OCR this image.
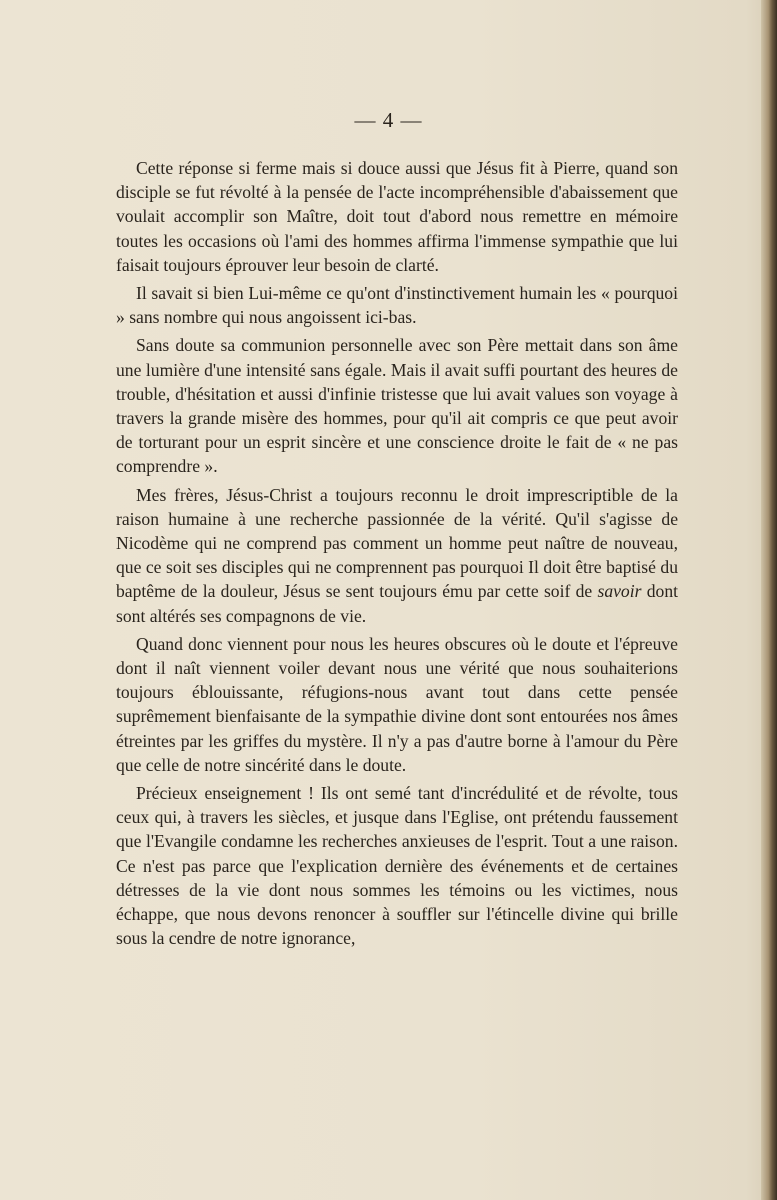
— 4 —

Cette réponse si ferme mais si douce aussi que Jésus fit à Pierre, quand son disciple se fut révolté à la pensée de l'acte incompréhensible d'abaissement que voulait accomplir son Maître, doit tout d'abord nous remettre en mémoire toutes les occasions où l'ami des hommes affirma l'immense sympathie que lui faisait toujours éprouver leur besoin de clarté.

Il savait si bien Lui-même ce qu'ont d'instinctivement humain les « pourquoi » sans nombre qui nous angoissent ici-bas.

Sans doute sa communion personnelle avec son Père mettait dans son âme une lumière d'une intensité sans égale. Mais il avait suffi pourtant des heures de trouble, d'hésitation et aussi d'infinie tristesse que lui avait values son voyage à travers la grande misère des hommes, pour qu'il ait compris ce que peut avoir de torturant pour un esprit sincère et une conscience droite le fait de « ne pas comprendre ».

Mes frères, Jésus-Christ a toujours reconnu le droit imprescriptible de la raison humaine à une recherche passionnée de la vérité. Qu'il s'agisse de Nicodème qui ne comprend pas comment un homme peut naître de nouveau, que ce soit ses disciples qui ne comprennent pas pourquoi Il doit être baptisé du baptême de la douleur, Jésus se sent toujours ému par cette soif de savoir dont sont altérés ses compagnons de vie.

Quand donc viennent pour nous les heures obscures où le doute et l'épreuve dont il naît viennent voiler devant nous une vérité que nous souhaiterions toujours éblouissante, réfugions-nous avant tout dans cette pensée suprêmement bienfaisante de la sympathie divine dont sont entourées nos âmes étreintes par les griffes du mystère. Il n'y a pas d'autre borne à l'amour du Père que celle de notre sincérité dans le doute.

Précieux enseignement ! Ils ont semé tant d'incrédulité et de révolte, tous ceux qui, à travers les siècles, et jusque dans l'Eglise, ont prétendu faussement que l'Evangile condamne les recherches anxieuses de l'esprit. Tout a une raison. Ce n'est pas parce que l'explication dernière des événements et de certaines détresses de la vie dont nous sommes les témoins ou les victimes, nous échappe, que nous devons renoncer à souffler sur l'étincelle divine qui brille sous la cendre de notre ignorance,
